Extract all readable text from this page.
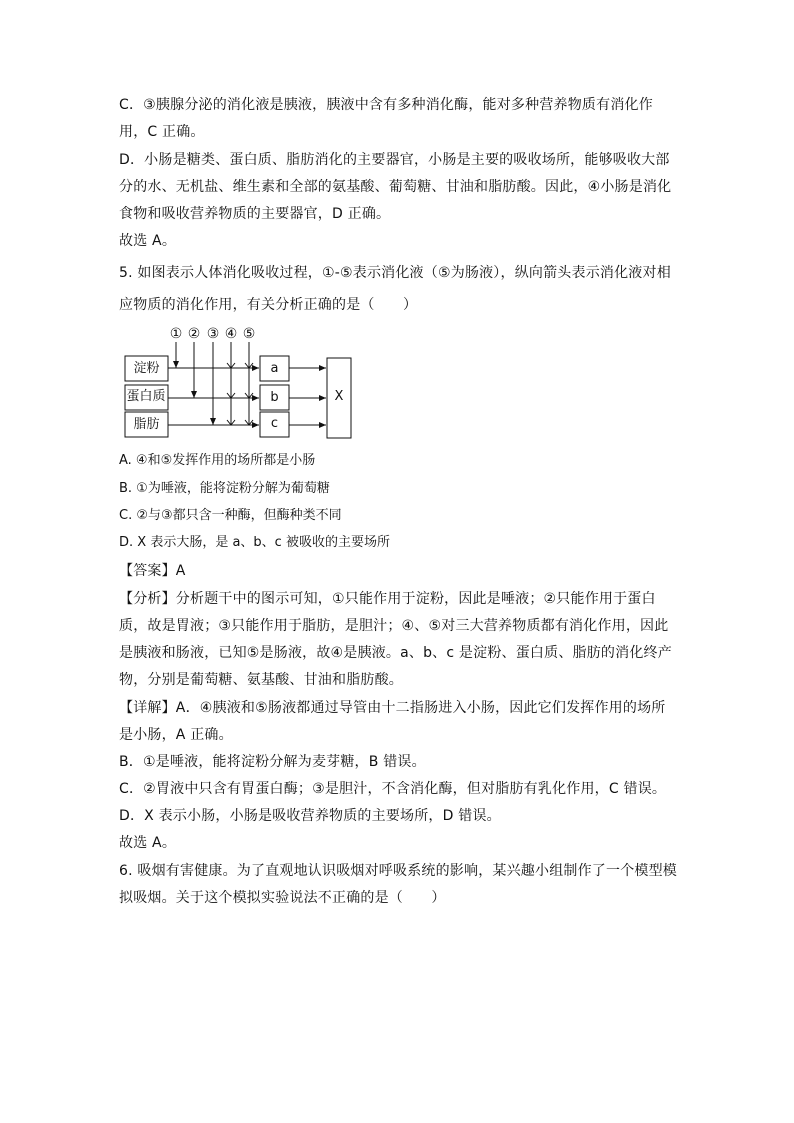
C．③胰腺分泌的消化液是胰液，胰液中含有多种消化酶，能对多种营养物质有消化作
用，C 正确。
D．小肠是糖类、蛋白质、脂肪消化的主要器官，小肠是主要的吸收场所，能够吸收大部
分的水、无机盐、维生素和全部的氨基酸、葡萄糖、甘油和脂肪酸。因此，④小肠是消化
食物和吸收营养物质的主要器官，D 正确。
故选 A。
5. 如图表示人体消化吸收过程，①-⑤表示消化液（⑤为肠液），纵向箭头表示消化液对相
应物质的消化作用，有关分析正确的是（　　）
① ② ③ ④ ⑤
淀粉
蛋白质
脂肪
a
b
c
X
A. ④和⑤发挥作用的场所都是小肠
B. ①为唾液，能将淀粉分解为葡萄糖
C. ②与③都只含一种酶，但酶种类不同
D. X 表示大肠，是 a、b、c 被吸收的主要场所
【答案】A
【分析】分析题干中的图示可知，①只能作用于淀粉，因此是唾液；②只能作用于蛋白
质，故是胃液；③只能作用于脂肪，是胆汁；④、⑤对三大营养物质都有消化作用，因此
是胰液和肠液，已知⑤是肠液，故④是胰液。a、b、c 是淀粉、蛋白质、脂肪的消化终产
物，分别是葡萄糖、氨基酸、甘油和脂肪酸。
【详解】A．④胰液和⑤肠液都通过导管由十二指肠进入小肠，因此它们发挥作用的场所
是小肠，A 正确。
B．①是唾液，能将淀粉分解为麦芽糖，B 错误。
C．②胃液中只含有胃蛋白酶；③是胆汁，不含消化酶，但对脂肪有乳化作用，C 错误。
D．X 表示小肠，小肠是吸收营养物质的主要场所，D 错误。
故选 A。
6. 吸烟有害健康。为了直观地认识吸烟对呼吸系统的影响，某兴趣小组制作了一个模型模
拟吸烟。关于这个模拟实验说法不正确的是（　　）
